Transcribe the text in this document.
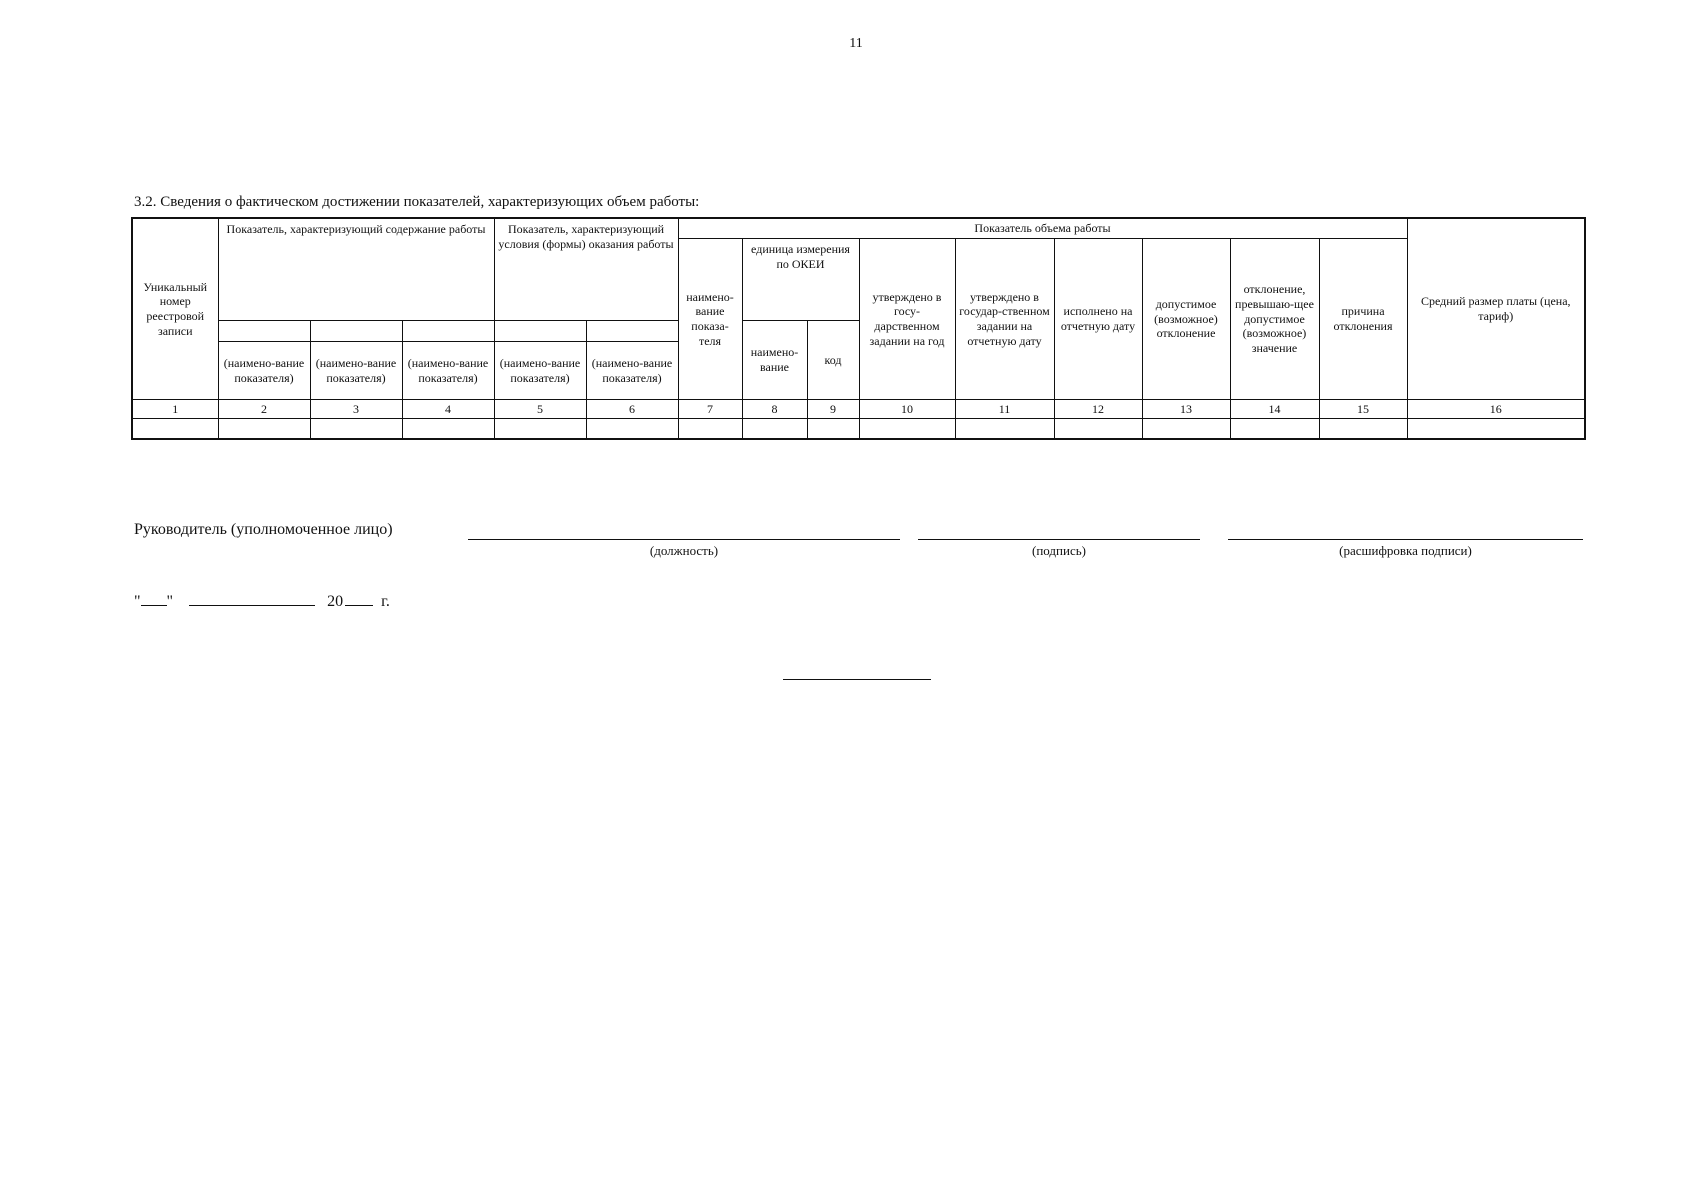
11
3.2. Сведения о фактическом достижении показателей, характеризующих объем работы:
Уникальный номер реестровой записи	Показатель, характеризующий содержание работы			Показатель, характеризующий условия (формы) оказания работы		Показатель объема работы									Средний размер платы (цена, тариф)
						наимено-вание показа-теля	единица измерения по ОКЕИ		утверждено в госу-дарственном задании на год	утверждено в государ-ственном задании на отчетную дату	исполнено на отчетную дату	допустимое (возможное) отклонение	отклонение, превышаю-щее допустимое (возможное) значение	причина отклонения	
							наимено-вание	код							
	(наимено-вание показателя)	(наимено-вание показателя)	(наимено-вание показателя)	(наимено-вание показателя)	(наимено-вание показателя)										
1	2	3	4	5	6	7	8	9	10	11	12	13	14	15	16

Руководитель (уполномоченное лицо)
(должность)	(подпись)	(расшифровка подписи)
" "	20 г.
